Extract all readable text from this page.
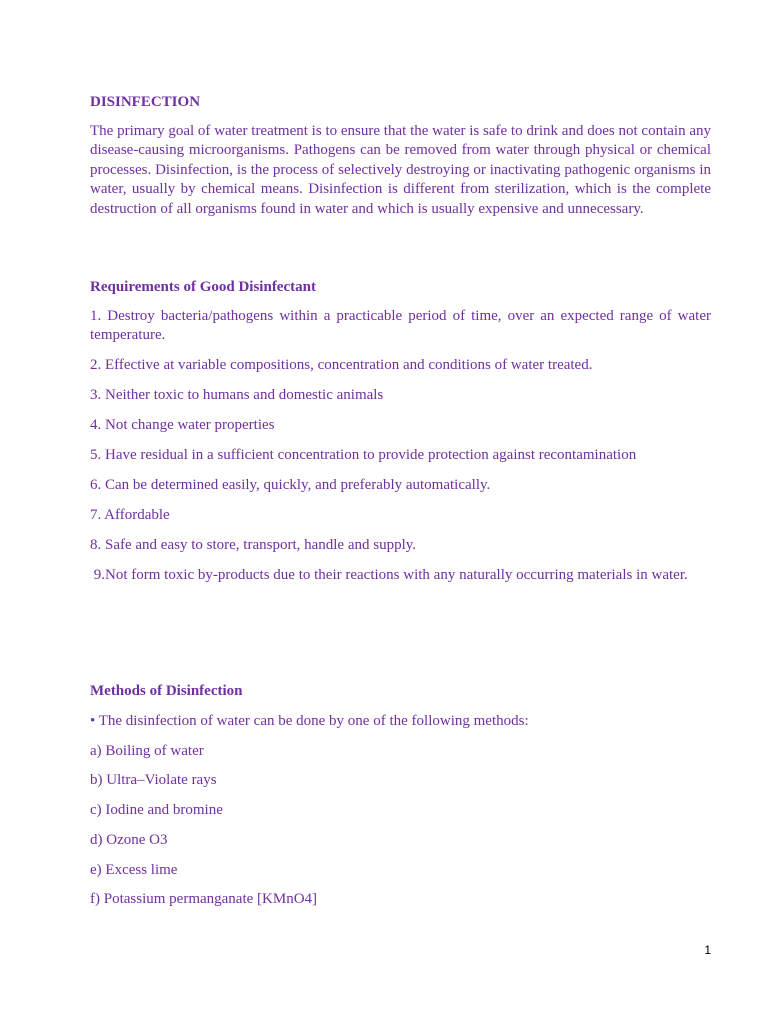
DISINFECTION

The primary goal of water treatment is to ensure that the water is safe to drink and does not contain any disease-causing microorganisms. Pathogens can be removed from water through physical or chemical processes. Disinfection, is the process of selectively destroying or inactivating pathogenic organisms in water, usually by chemical means. Disinfection is different from sterilization, which is the complete destruction of all organisms found in water and which is usually expensive and unnecessary.

Requirements of Good Disinfectant

1. Destroy bacteria/pathogens within a practicable period of time, over an expected range of water temperature.

2. Effective at variable compositions, concentration and conditions of water treated.

3. Neither toxic to humans and domestic animals

4. Not change water properties

5. Have residual in a sufficient concentration to provide protection against recontamination

6. Can be determined easily, quickly, and preferably automatically.

7. Affordable

8. Safe and easy to store, transport, handle and supply.

9.Not form toxic by-products due to their reactions with any naturally occurring materials in water.

Methods of Disinfection

• The disinfection of water can be done by one of the following methods:

a) Boiling of water

b) Ultra–Violate rays

c) Iodine and bromine

d) Ozone O3

e) Excess lime

f) Potassium permanganate [KMnO4]

1
